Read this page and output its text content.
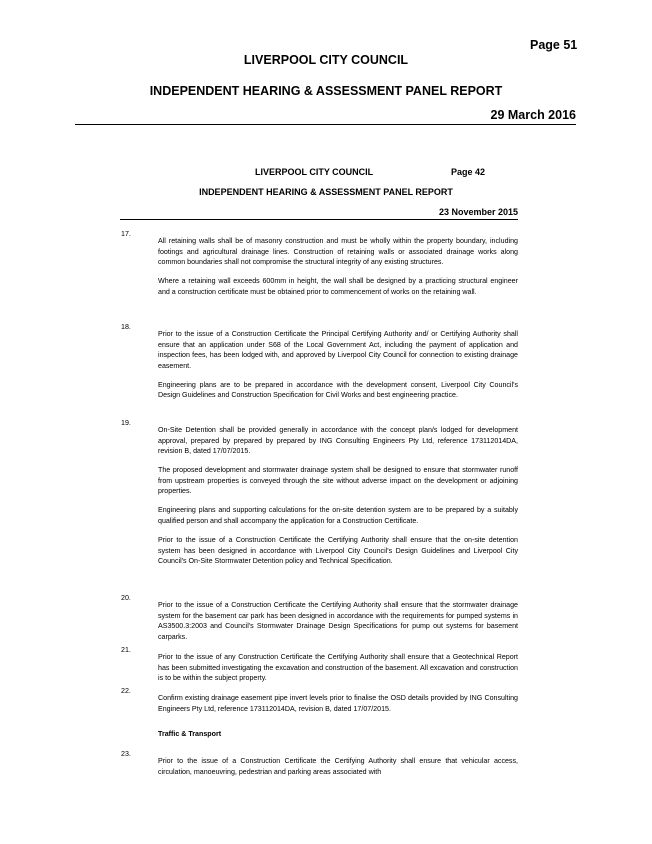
Page 51
LIVERPOOL CITY COUNCIL
INDEPENDENT HEARING & ASSESSMENT PANEL REPORT
29 March 2016
LIVERPOOL CITY COUNCIL	Page 42
INDEPENDENT HEARING & ASSESSMENT PANEL REPORT
23 November 2015
17.

All retaining walls shall be of masonry construction and must be wholly within the property boundary, including footings and agricultural drainage lines. Construction of retaining walls or associated drainage works along common boundaries shall not compromise the structural integrity of any existing structures.

Where a retaining wall exceeds 600mm in height, the wall shall be designed by a practicing structural engineer and a construction certificate must be obtained prior to commencement of works on the retaining wall.

18.

Prior to the issue of a Construction Certificate the Principal Certifying Authority and/ or Certifying Authority shall ensure that an application under S68 of the Local Government Act, including the payment of application and inspection fees, has been lodged with, and approved by Liverpool City Council for connection to existing drainage easement.

Engineering plans are to be prepared in accordance with the development consent, Liverpool City Council's Design Guidelines and Construction Specification for Civil Works and best engineering practice.

19.

On-Site Detention shall be provided generally in accordance with the concept plan/s lodged for development approval, prepared by prepared by prepared by ING Consulting Engineers Pty Ltd, reference 173112014DA, revision B, dated 17/07/2015.

The proposed development and stormwater drainage system shall be designed to ensure that stormwater runoff from upstream properties is conveyed through the site without adverse impact on the development or adjoining properties.

Engineering plans and supporting calculations for the on-site detention system are to be prepared by a suitably qualified person and shall accompany the application for a Construction Certificate.

Prior to the issue of a Construction Certificate the Certifying Authority shall ensure that the on-site detention system has been designed in accordance with Liverpool City Council's Design Guidelines and Liverpool City Council's On-Site Stormwater Detention policy and Technical Specification.

20.

Prior to the issue of a Construction Certificate the Certifying Authority shall ensure that the stormwater drainage system for the basement car park has been designed in accordance with the requirements for pumped systems in AS3500.3:2003 and Council's Stormwater Drainage Design Specifications for pump out systems for basement carparks.

21.

Prior to the issue of any Construction Certificate the Certifying Authority shall ensure that a Geotechnical Report has been submitted investigating the excavation and construction of the basement. All excavation and construction is to be within the subject property.

22.

Confirm existing drainage easement pipe invert levels prior to finalise the OSD details provided by ING Consulting Engineers Pty Ltd, reference 173112014DA, revision B, dated 17/07/2015.

Traffic & Transport
23.

Prior to the issue of a Construction Certificate the Certifying Authority shall ensure that vehicular access, circulation, manoeuvring, pedestrian and parking areas associated with
